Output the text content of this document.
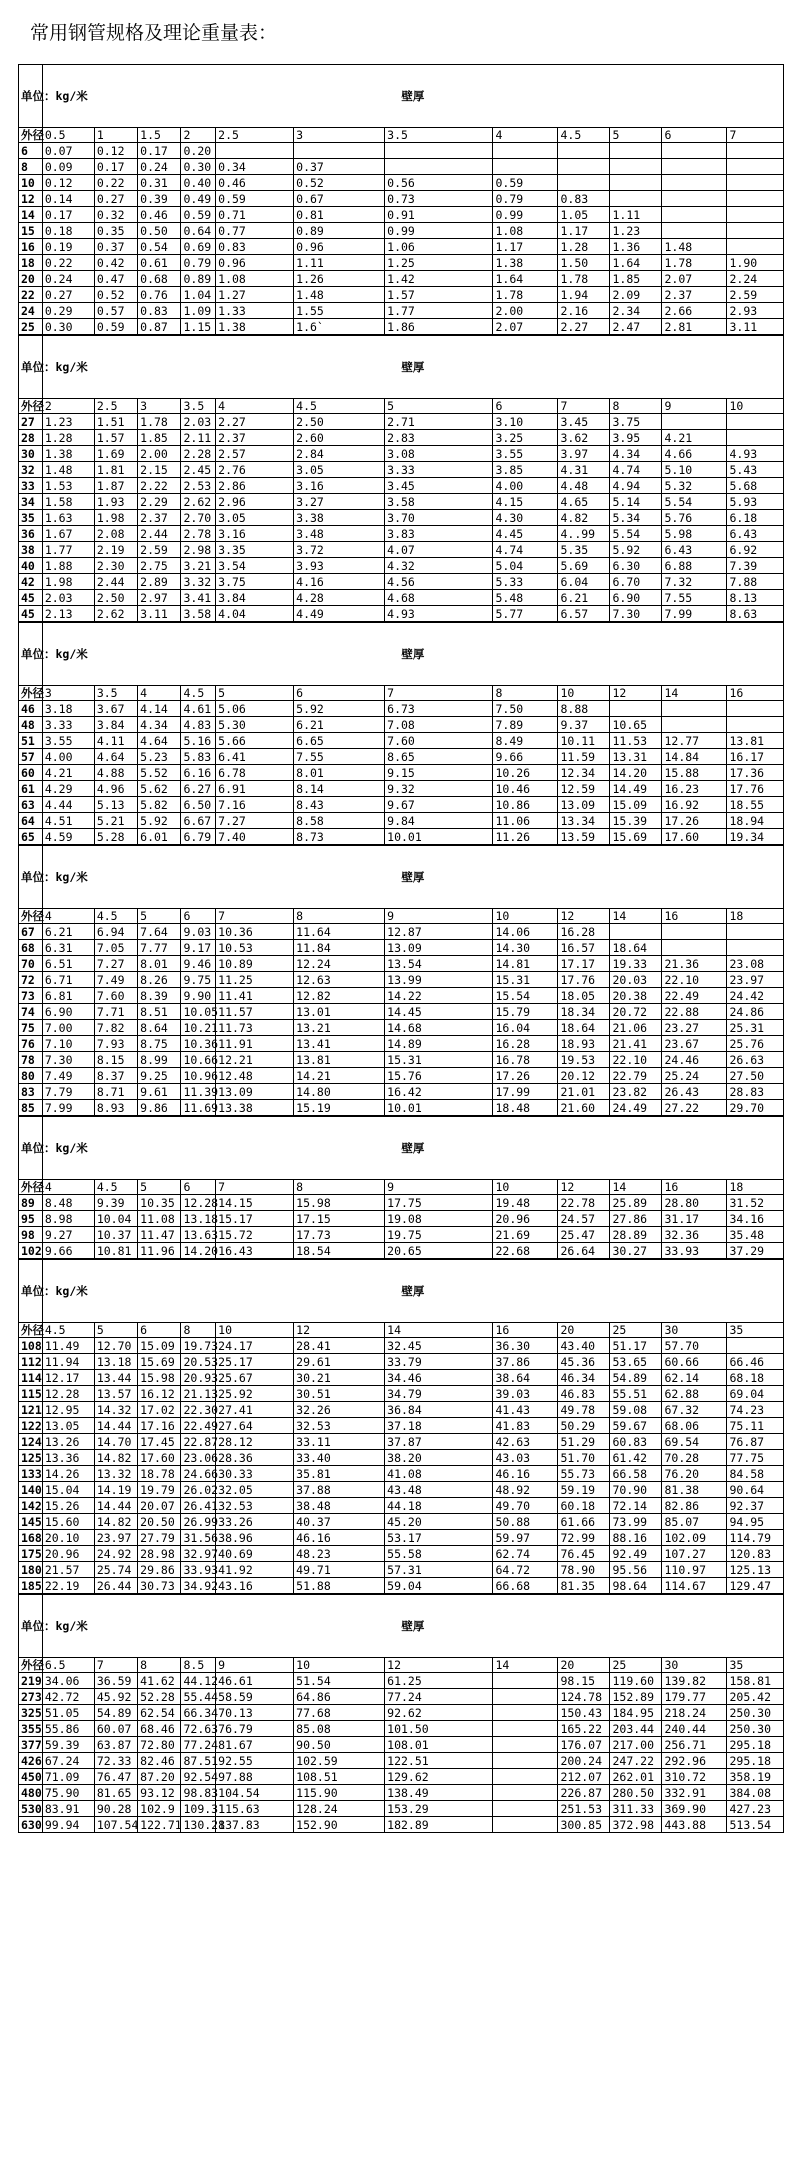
常用钢管规格及理论重量表：
单位：kg/米	壁厚											
外径	0.5	1	1.5	2	2.5	3	3.5	4	4.5	5	6	7
6	0.07	0.12	0.17	0.20								
8	0.09	0.17	0.24	0.30	0.34	0.37						
10	0.12	0.22	0.31	0.40	0.46	0.52	0.56	0.59				
12	0.14	0.27	0.39	0.49	0.59	0.67	0.73	0.79	0.83			
14	0.17	0.32	0.46	0.59	0.71	0.81	0.91	0.99	1.05	1.11		
15	0.18	0.35	0.50	0.64	0.77	0.89	0.99	1.08	1.17	1.23		
16	0.19	0.37	0.54	0.69	0.83	0.96	1.06	1.17	1.28	1.36	1.48	
18	0.22	0.42	0.61	0.79	0.96	1.11	1.25	1.38	1.50	1.64	1.78	1.90
20	0.24	0.47	0.68	0.89	1.08	1.26	1.42	1.64	1.78	1.85	2.07	2.24
22	0.27	0.52	0.76	1.04	1.27	1.48	1.57	1.78	1.94	2.09	2.37	2.59
24	0.29	0.57	0.83	1.09	1.33	1.55	1.77	2.00	2.16	2.34	2.66	2.93
25	0.30	0.59	0.87	1.15	1.38	1.6`	1.86	2.07	2.27	2.47	2.81	3.11
单位：kg/米	壁厚											
外径	2	2.5	3	3.5	4	4.5	5	6	7	8	9	10
27	1.23	1.51	1.78	2.03	2.27	2.50	2.71	3.10	3.45	3.75		
28	1.28	1.57	1.85	2.11	2.37	2.60	2.83	3.25	3.62	3.95	4.21	
30	1.38	1.69	2.00	2.28	2.57	2.84	3.08	3.55	3.97	4.34	4.66	4.93
32	1.48	1.81	2.15	2.45	2.76	3.05	3.33	3.85	4.31	4.74	5.10	5.43
33	1.53	1.87	2.22	2.53	2.86	3.16	3.45	4.00	4.48	4.94	5.32	5.68
34	1.58	1.93	2.29	2.62	2.96	3.27	3.58	4.15	4.65	5.14	5.54	5.93
35	1.63	1.98	2.37	2.70	3.05	3.38	3.70	4.30	4.82	5.34	5.76	6.18
36	1.67	2.08	2.44	2.78	3.16	3.48	3.83	4.45	4..99	5.54	5.98	6.43
38	1.77	2.19	2.59	2.98	3.35	3.72	4.07	4.74	5.35	5.92	6.43	6.92
40	1.88	2.30	2.75	3.21	3.54	3.93	4.32	5.04	5.69	6.30	6.88	7.39
42	1.98	2.44	2.89	3.32	3.75	4.16	4.56	5.33	6.04	6.70	7.32	7.88
45	2.03	2.50	2.97	3.41	3.84	4.28	4.68	5.48	6.21	6.90	7.55	8.13
45	2.13	2.62	3.11	3.58	4.04	4.49	4.93	5.77	6.57	7.30	7.99	8.63
单位：kg/米	壁厚											
外径	3	3.5	4	4.5	5	6	7	8	10	12	14	16
46	3.18	3.67	4.14	4.61	5.06	5.92	6.73	7.50	8.88			
48	3.33	3.84	4.34	4.83	5.30	6.21	7.08	7.89	9.37	10.65		
51	3.55	4.11	4.64	5.16	5.66	6.65	7.60	8.49	10.11	11.53	12.77	13.81
57	4.00	4.64	5.23	5.83	6.41	7.55	8.65	9.66	11.59	13.31	14.84	16.17
60	4.21	4.88	5.52	6.16	6.78	8.01	9.15	10.26	12.34	14.20	15.88	17.36
61	4.29	4.96	5.62	6.27	6.91	8.14	9.32	10.46	12.59	14.49	16.23	17.76
63	4.44	5.13	5.82	6.50	7.16	8.43	9.67	10.86	13.09	15.09	16.92	18.55
64	4.51	5.21	5.92	6.67	7.27	8.58	9.84	11.06	13.34	15.39	17.26	18.94
65	4.59	5.28	6.01	6.79	7.40	8.73	10.01	11.26	13.59	15.69	17.60	19.34
单位：kg/米	壁厚											
外径	4	4.5	5	6	7	8	9	10	12	14	16	18
67	6.21	6.94	7.64	9.03	10.36	11.64	12.87	14.06	16.28			
68	6.31	7.05	7.77	9.17	10.53	11.84	13.09	14.30	16.57	18.64		
70	6.51	7.27	8.01	9.46	10.89	12.24	13.54	14.81	17.17	19.33	21.36	23.08
72	6.71	7.49	8.26	9.75	11.25	12.63	13.99	15.31	17.76	20.03	22.10	23.97
73	6.81	7.60	8.39	9.90	11.41	12.82	14.22	15.54	18.05	20.38	22.49	24.42
74	6.90	7.71	8.51	10.05	11.57	13.01	14.45	15.79	18.34	20.72	22.88	24.86
75	7.00	7.82	8.64	10.21	11.73	13.21	14.68	16.04	18.64	21.06	23.27	25.31
76	7.10	7.93	8.75	10.36	11.91	13.41	14.89	16.28	18.93	21.41	23.67	25.76
78	7.30	8.15	8.99	10.66	12.21	13.81	15.31	16.78	19.53	22.10	24.46	26.63
80	7.49	8.37	9.25	10.96	12.48	14.21	15.76	17.26	20.12	22.79	25.24	27.50
83	7.79	8.71	9.61	11.39	13.09	14.80	16.42	17.99	21.01	23.82	26.43	28.83
85	7.99	8.93	9.86	11.69	13.38	15.19	10.01	18.48	21.60	24.49	27.22	29.70
单位：kg/米	壁厚											
外径	4	4.5	5	6	7	8	9	10	12	14	16	18
89	8.48	9.39	10.35	12.28	14.15	15.98	17.75	19.48	22.78	25.89	28.80	31.52
95	8.98	10.04	11.08	13.18	15.17	17.15	19.08	20.96	24.57	27.86	31.17	34.16
98	9.27	10.37	11.47	13.63	15.72	17.73	19.75	21.69	25.47	28.89	32.36	35.48
102	9.66	10.81	11.96	14.20	16.43	18.54	20.65	22.68	26.64	30.27	33.93	37.29
单位：kg/米	壁厚											
外径	4.5	5	6	8	10	12	14	16	20	25	30	35
108	11.49	12.70	15.09	19.73	24.17	28.41	32.45	36.30	43.40	51.17	57.70	
112	11.94	13.18	15.69	20.53	25.17	29.61	33.79	37.86	45.36	53.65	60.66	66.46
114	12.17	13.44	15.98	20.93	25.67	30.21	34.46	38.64	46.34	54.89	62.14	68.18
115	12.28	13.57	16.12	21.13	25.92	30.51	34.79	39.03	46.83	55.51	62.88	69.04
121	12.95	14.32	17.02	22.30	27.41	32.26	36.84	41.43	49.78	59.08	67.32	74.23
122	13.05	14.44	17.16	22.49	27.64	32.53	37.18	41.83	50.29	59.67	68.06	75.11
124	13.26	14.70	17.45	22.87	28.12	33.11	37.87	42.63	51.29	60.83	69.54	76.87
125	13.36	14.82	17.60	23.06	28.36	33.40	38.20	43.03	51.70	61.42	70.28	77.75
133	14.26	13.32	18.78	24.66	30.33	35.81	41.08	46.16	55.73	66.58	76.20	84.58
140	15.04	14.19	19.79	26.02	32.05	37.88	43.48	48.92	59.19	70.90	81.38	90.64
142	15.26	14.44	20.07	26.41	32.53	38.48	44.18	49.70	60.18	72.14	82.86	92.37
145	15.60	14.82	20.50	26.99	33.26	40.37	45.20	50.88	61.66	73.99	85.07	94.95
168	20.10	23.97	27.79	31.56	38.96	46.16	53.17	59.97	72.99	88.16	102.09	114.79
175	20.96	24.92	28.98	32.97	40.69	48.23	55.58	62.74	76.45	92.49	107.27	120.83
180	21.57	25.74	29.86	33.93	41.92	49.71	57.31	64.72	78.90	95.56	110.97	125.13
185	22.19	26.44	30.73	34.92	43.16	51.88	59.04	66.68	81.35	98.64	114.67	129.47
单位：kg/米	壁厚											
外径	6.5	7	8	8.5	9	10	12	14	20	25	30	35
219	34.06	36.59	41.62	44.12	46.61	51.54	61.25		98.15	119.60	139.82	158.81
273	42.72	45.92	52.28	55.44	58.59	64.86	77.24		124.78	152.89	179.77	205.42
325	51.05	54.89	62.54	66.34	70.13	77.68	92.62		150.43	184.95	218.24	250.30
355	55.86	60.07	68.46	72.63	76.79	85.08	101.50		165.22	203.44	240.44	250.30
377	59.39	63.87	72.80	77.24	81.67	90.50	108.01		176.07	217.00	256.71	295.18
426	67.24	72.33	82.46	87.51	92.55	102.59	122.51		200.24	247.22	292.96	295.18
450	71.09	76.47	87.20	92.54	97.88	108.51	129.62		212.07	262.01	310.72	358.19
480	75.90	81.65	93.12	98.83	104.54	115.90	138.49		226.87	280.50	332.91	384.08
530	83.91	90.28	102.9	109.31	115.63	128.24	153.29		251.53	311.33	369.90	427.23
630	99.94	107.54	122.71	130.28	137.83	152.90	182.89		300.85	372.98	443.88	513.54
